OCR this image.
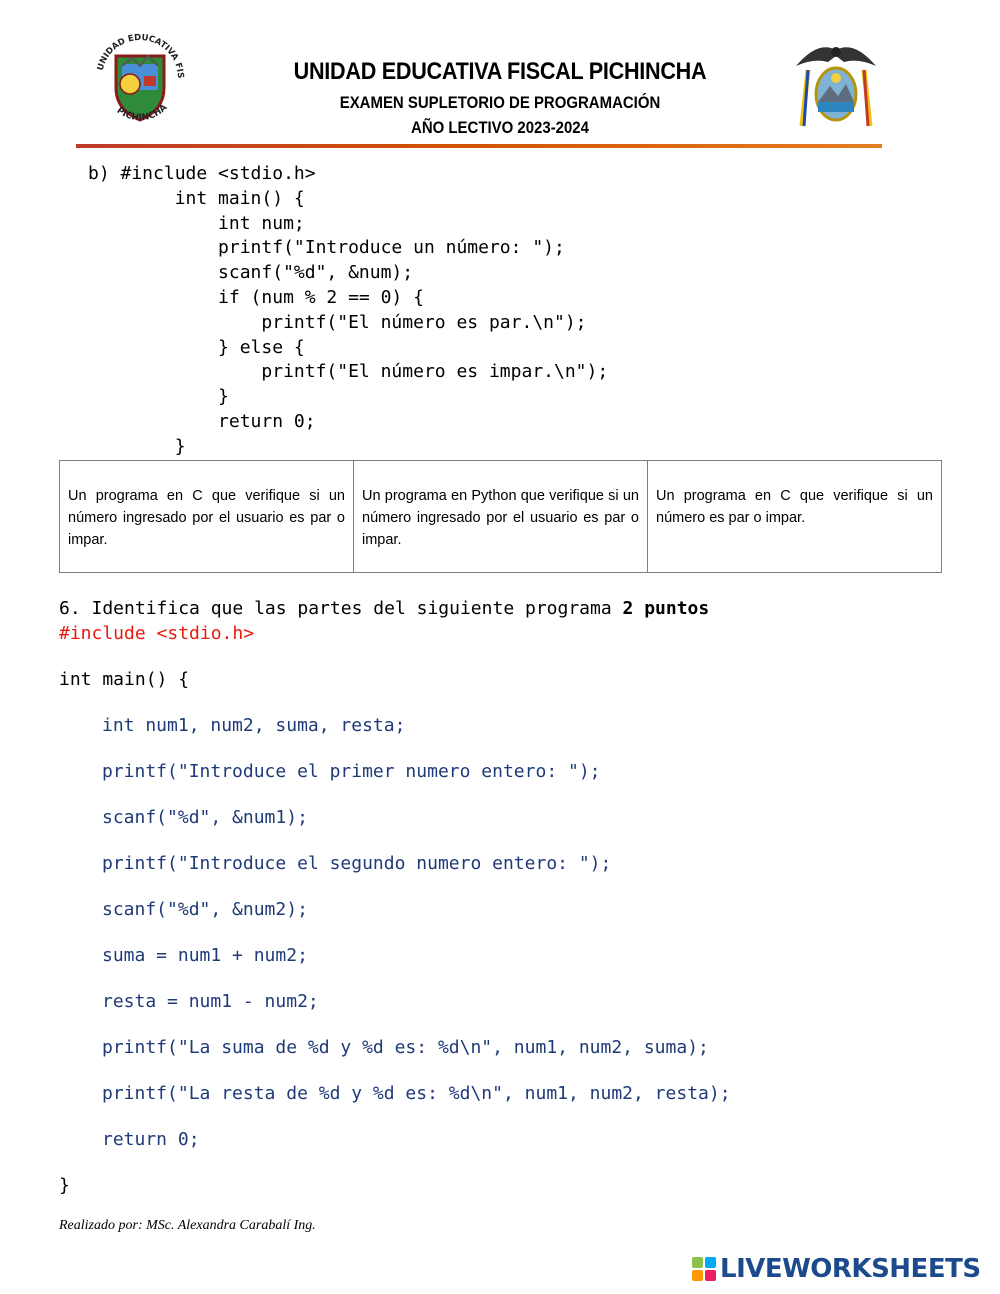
UNIDAD EDUCATIVA FIS
PICHINCHA
UNIDAD EDUCATIVA FISCAL PICHINCHA
EXAMEN SUPLETORIO DE PROGRAMACIÓN
AÑO LECTIVO 2023-2024
b) #include <stdio.h>
int main() {
int num;
printf("Introduce un número: ");
scanf("%d", &num);
if (num % 2 == 0) {
printf("El número es par.\n");
} else {
printf("El número es impar.\n");
}
return 0;
}
Un programa en C que verifique si un número ingresado por el usuario es par o impar.	Un programa en Python que verifique si un número ingresado por el usuario es par o impar.	Un programa en C que verifique si un número es par o impar.
6. Identifica que las partes del siguiente programa 2 puntos
#include <stdio.h>
int main() {
int num1, num2, suma, resta;
printf("Introduce el primer numero entero: ");
scanf("%d", &num1);
printf("Introduce el segundo numero entero: ");
scanf("%d", &num2);
suma = num1 + num2;
resta = num1 - num2;
printf("La suma de %d y %d es: %d\n", num1, num2, suma);
printf("La resta de %d y %d es: %d\n", num1, num2, resta);
return 0;
}
Realizado por: MSc. Alexandra Carabalí Ing.
LIVEWORKSHEETS
